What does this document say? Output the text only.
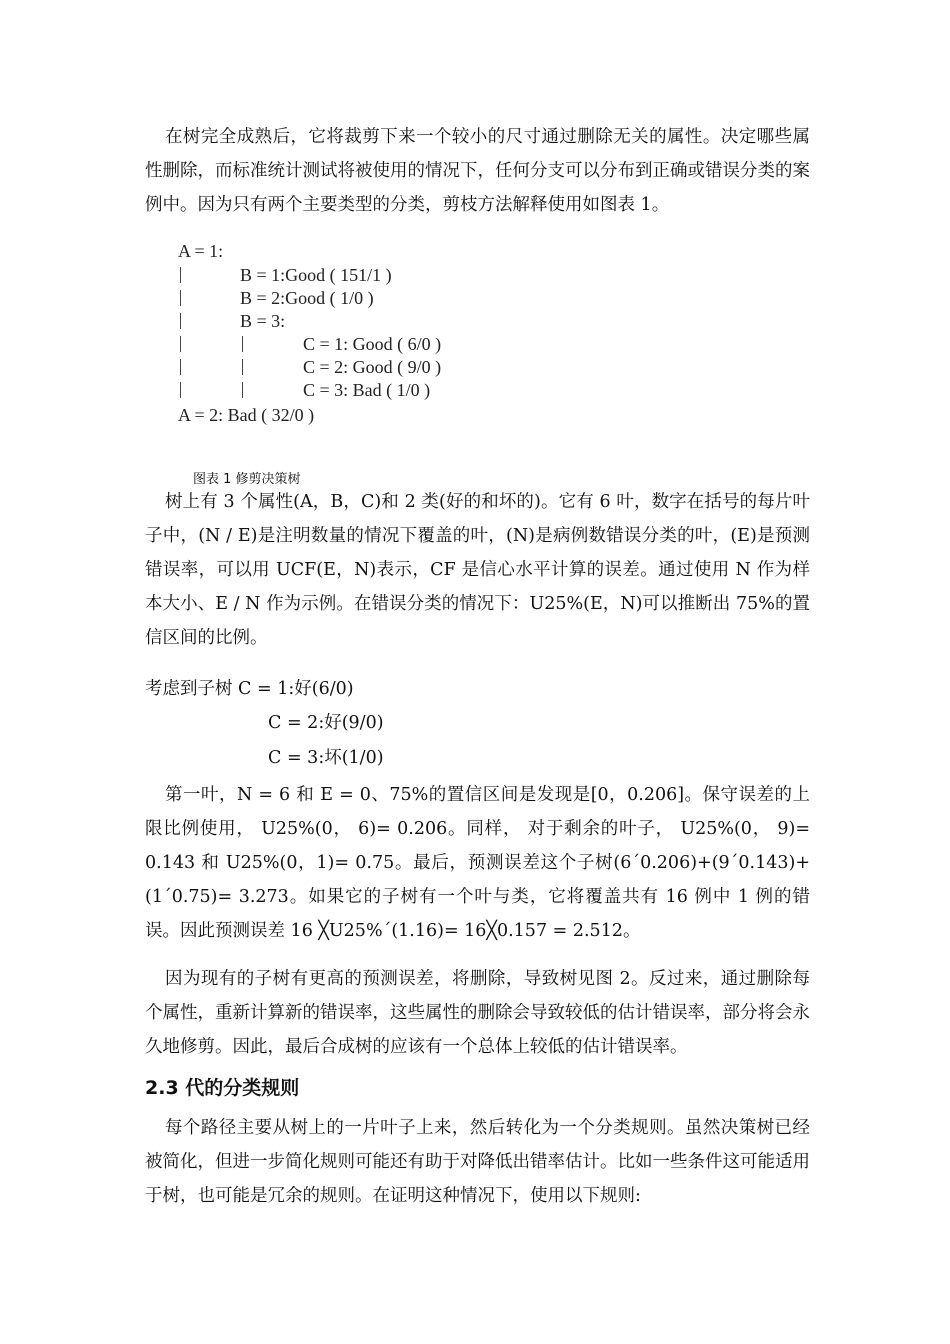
在树完全成熟后，它将裁剪下来一个较小的尺寸通过删除无关的属性。决定哪些属性删除，而标准统计测试将被使用的情况下，任何分支可以分布到正确或错误分类的案例中。因为只有两个主要类型的分类，剪枝方法解释使用如图表 1。

A = 1:
B = 1:Good ( 151/1 )
B = 2:Good ( 1/0 )
B = 3:
C = 1: Good ( 6/0 )
C = 2: Good ( 9/0 )
C = 3: Bad ( 1/0 )
A = 2: Bad ( 32/0 )
图表 1 修剪决策树

树上有 3 个属性(A，B，C)和 2 类(好的和坏的)。它有 6 叶，数字在括号的每片叶子中，(N / E)是注明数量的情况下覆盖的叶，(N)是病例数错误分类的叶，(E)是预测错误率，可以用 UCF(E，N)表示，CF 是信心水平计算的误差。通过使用 N 作为样本大小、E / N 作为示例。在错误分类的情况下：U25%(E，N)可以推断出 75%的置信区间的比例。

考虑到子树 C = 1:好(6/0)
C = 2:好(9/0)
C = 3:坏(1/0)

第一叶，N = 6 和 E = 0、75%的置信区间是发现是[0，0.206]。保守误差的上限比例使用， U25%(0， 6)= 0.206。同样， 对于剩余的叶子， U25%(0， 9)= 0.143 和 U25%(0，1)= 0.75。最后，预测误差这个子树(6´0.206)+(9´0.143)+(1´0.75)= 3.273。如果它的子树有一个叶与类，它将覆盖共有 16 例中 1 例的错误。因此预测误差 16 ╳U25%´(1.16)= 16╳0.157 = 2.512。

因为现有的子树有更高的预测误差，将删除，导致树见图 2。反过来，通过删除每个属性，重新计算新的错误率，这些属性的删除会导致较低的估计错误率，部分将会永久地修剪。因此，最后合成树的应该有一个总体上较低的估计错误率。

2.3 代的分类规则

每个路径主要从树上的一片叶子上来，然后转化为一个分类规则。虽然决策树已经被简化，但进一步简化规则可能还有助于对降低出错率估计。比如一些条件这可能适用于树，也可能是冗余的规则。在证明这种情况下，使用以下规则:
